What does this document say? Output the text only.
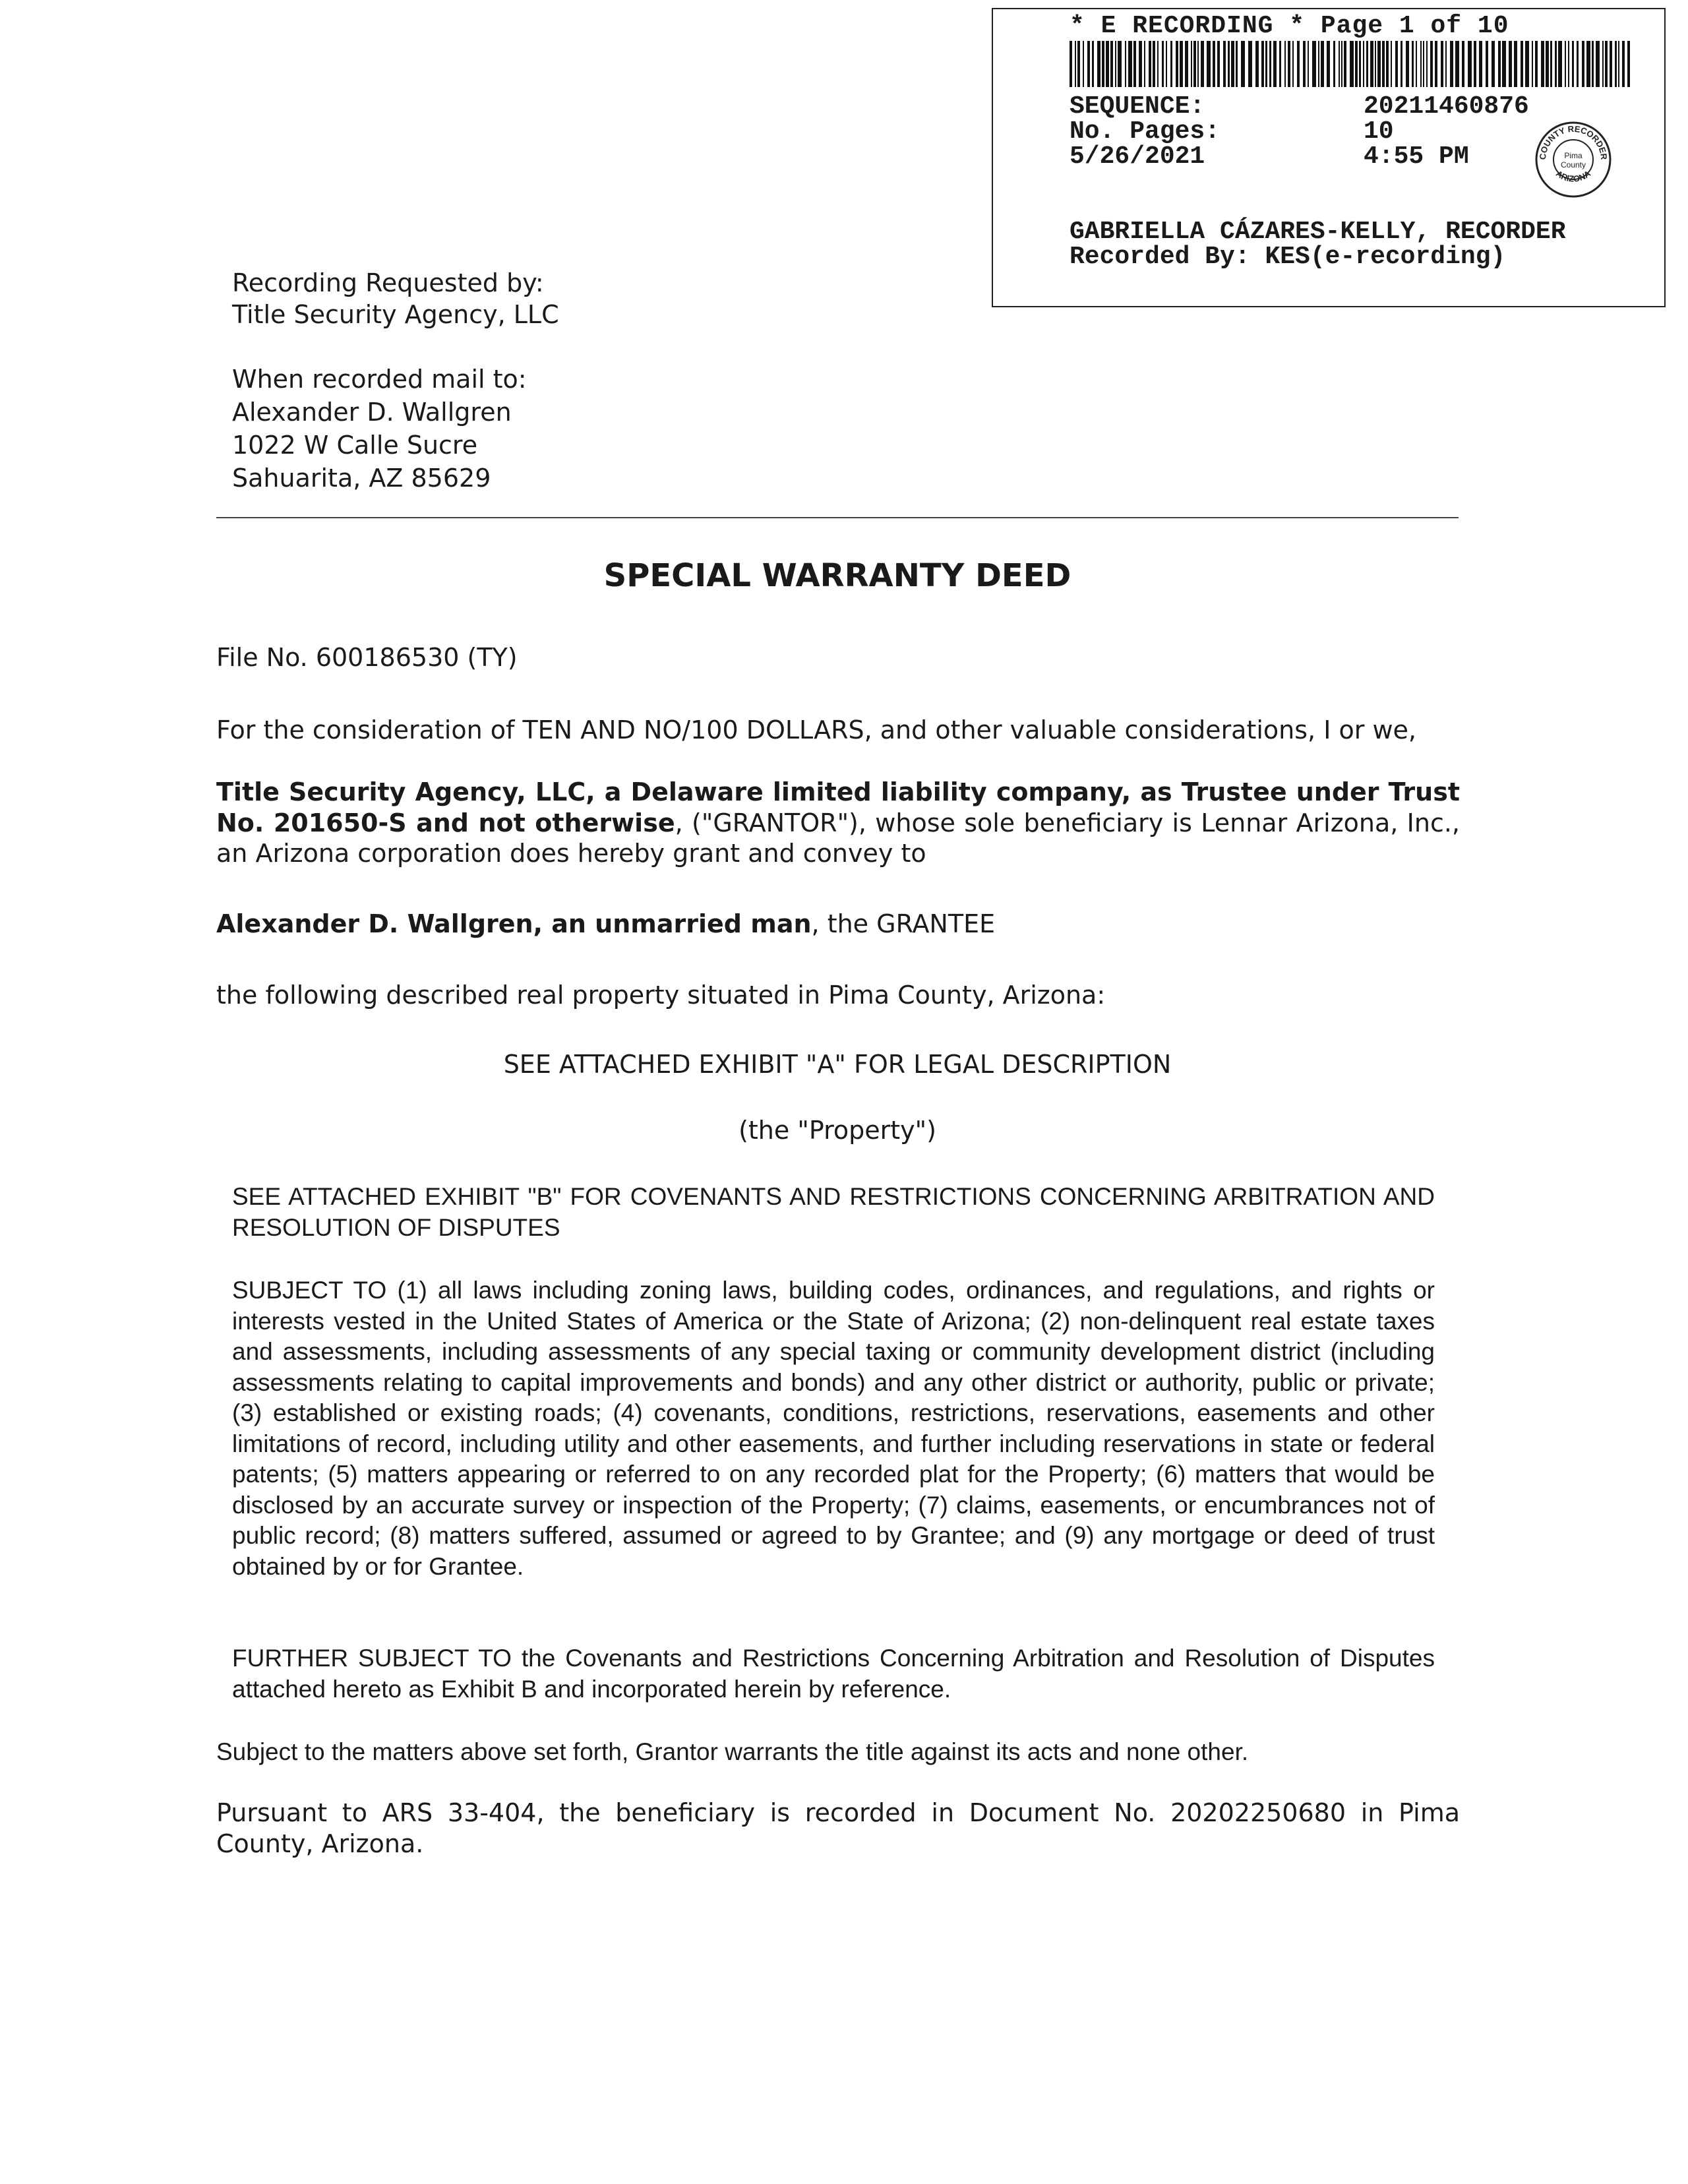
* E RECORDING * Page 1 of 10
SEQUENCE:	20211460876
No. Pages:	10
5/26/2021	4:55 PM	COUNTY RECORDER
ARIZONA
Pima
County
GABRIELLA CÁZARES-KELLY, RECORDER
Recorded By: KES(e-recording)
Recording Requested by:
Title Security Agency, LLC
When recorded mail to:
Alexander D. Wallgren
1022 W Calle Sucre
Sahuarita, AZ 85629
SPECIAL WARRANTY DEED
File No. 600186530 (TY)
For the consideration of TEN AND NO/100 DOLLARS, and other valuable considerations, I or we,
Title Security Agency, LLC, a Delaware limited liability company, as Trustee under Trust No. 201650-S and not otherwise, ("GRANTOR"), whose sole beneficiary is Lennar Arizona, Inc., an Arizona corporation does hereby grant and convey to
Alexander D. Wallgren, an unmarried man, the GRANTEE
the following described real property situated in Pima County, Arizona:
SEE ATTACHED EXHIBIT "A" FOR LEGAL DESCRIPTION
(the "Property")
SEE ATTACHED EXHIBIT "B" FOR COVENANTS AND RESTRICTIONS CONCERNING ARBITRATION AND RESOLUTION OF DISPUTES
SUBJECT TO (1) all laws including zoning laws, building codes, ordinances, and regulations, and rights or interests vested in the United States of America or the State of Arizona; (2) non-delinquent real estate taxes and assessments, including assessments of any special taxing or community development district (including assessments relating to capital improvements and bonds) and any other district or authority, public or private; (3) established or existing roads; (4) covenants, conditions, restrictions, reservations, easements and other limitations of record, including utility and other easements, and further including reservations in state or federal patents; (5) matters appearing or referred to on any recorded plat for the Property; (6) matters that would be disclosed by an accurate survey or inspection of the Property; (7) claims, easements, or encumbrances not of public record; (8) matters suffered, assumed or agreed to by Grantee; and (9) any mortgage or deed of trust obtained by or for Grantee.
FURTHER SUBJECT TO the Covenants and Restrictions Concerning Arbitration and Resolution of Disputes attached hereto as Exhibit B and incorporated herein by reference.
Subject to the matters above set forth, Grantor warrants the title against its acts and none other.
Pursuant to ARS 33-404, the beneficiary is recorded in Document No. 20202250680 in Pima County, Arizona.
